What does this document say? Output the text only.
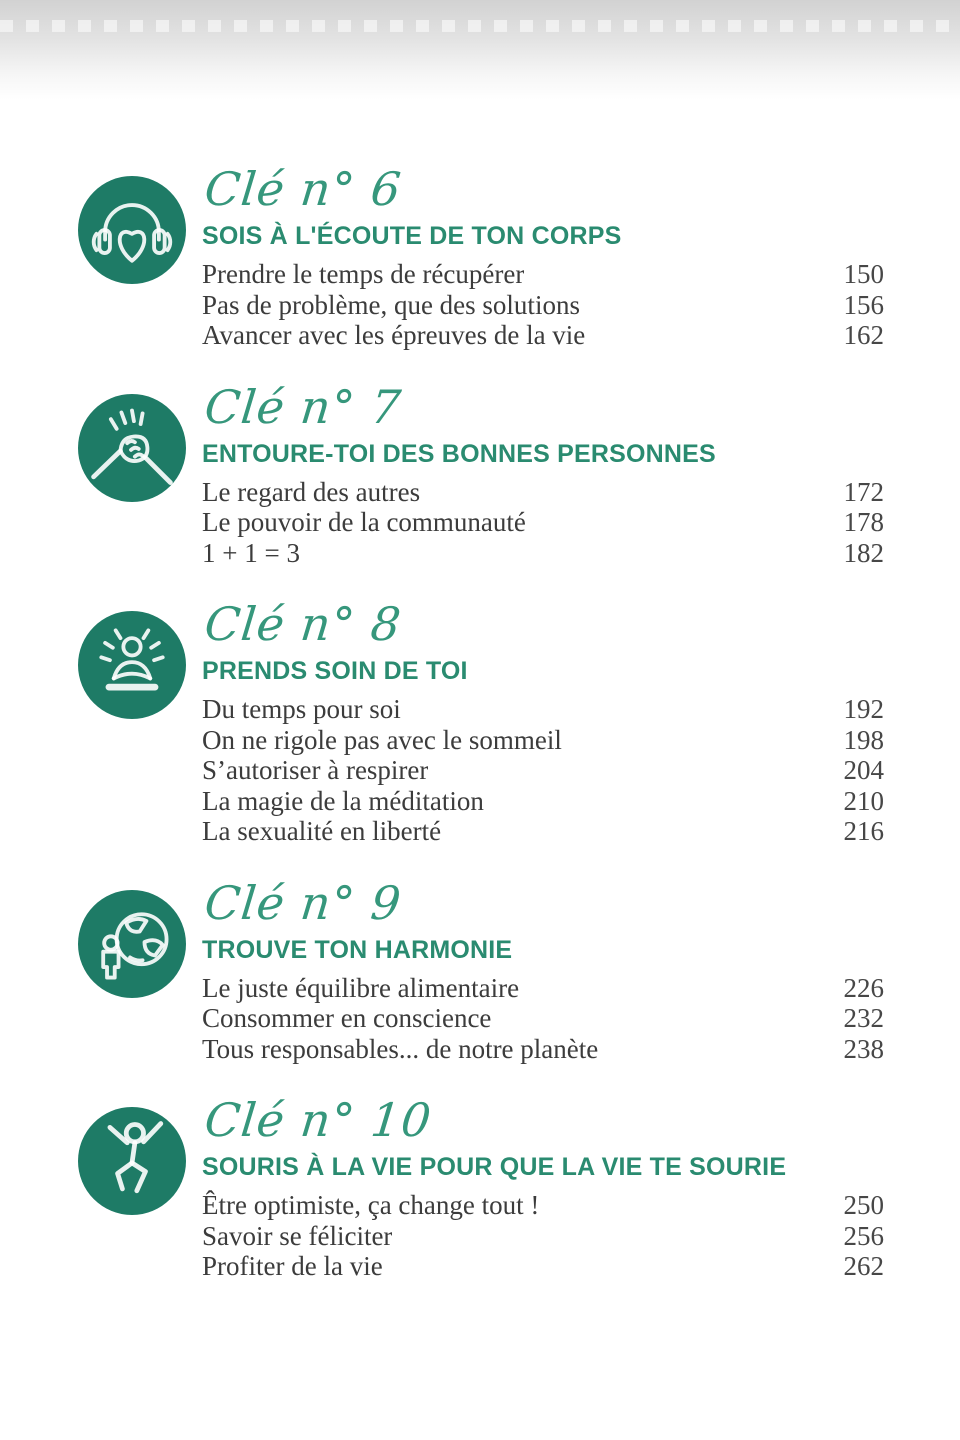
Clé n° 6
SOIS À L'ÉCOUTE DE TON CORPS
Prendre le temps de récupérer	150
Pas de problème, que des solutions	156
Avancer avec les épreuves de la vie	162
Clé n° 7
ENTOURE-TOI DES BONNES PERSONNES
Le regard des autres	172
Le pouvoir de la communauté	178
1 + 1 = 3	182
Clé n° 8
PRENDS SOIN DE TOI
Du temps pour soi	192
On ne rigole pas avec le sommeil	198
S’autoriser à respirer	204
La magie de la méditation	210
La sexualité en liberté	216
Clé n° 9
TROUVE TON HARMONIE
Le juste équilibre alimentaire	226
Consommer en conscience	232
Tous responsables... de notre planète	238
Clé n° 10
SOURIS À LA VIE POUR QUE LA VIE TE SOURIE
Être optimiste, ça change tout !	250
Savoir se féliciter	256
Profiter de la vie	262
